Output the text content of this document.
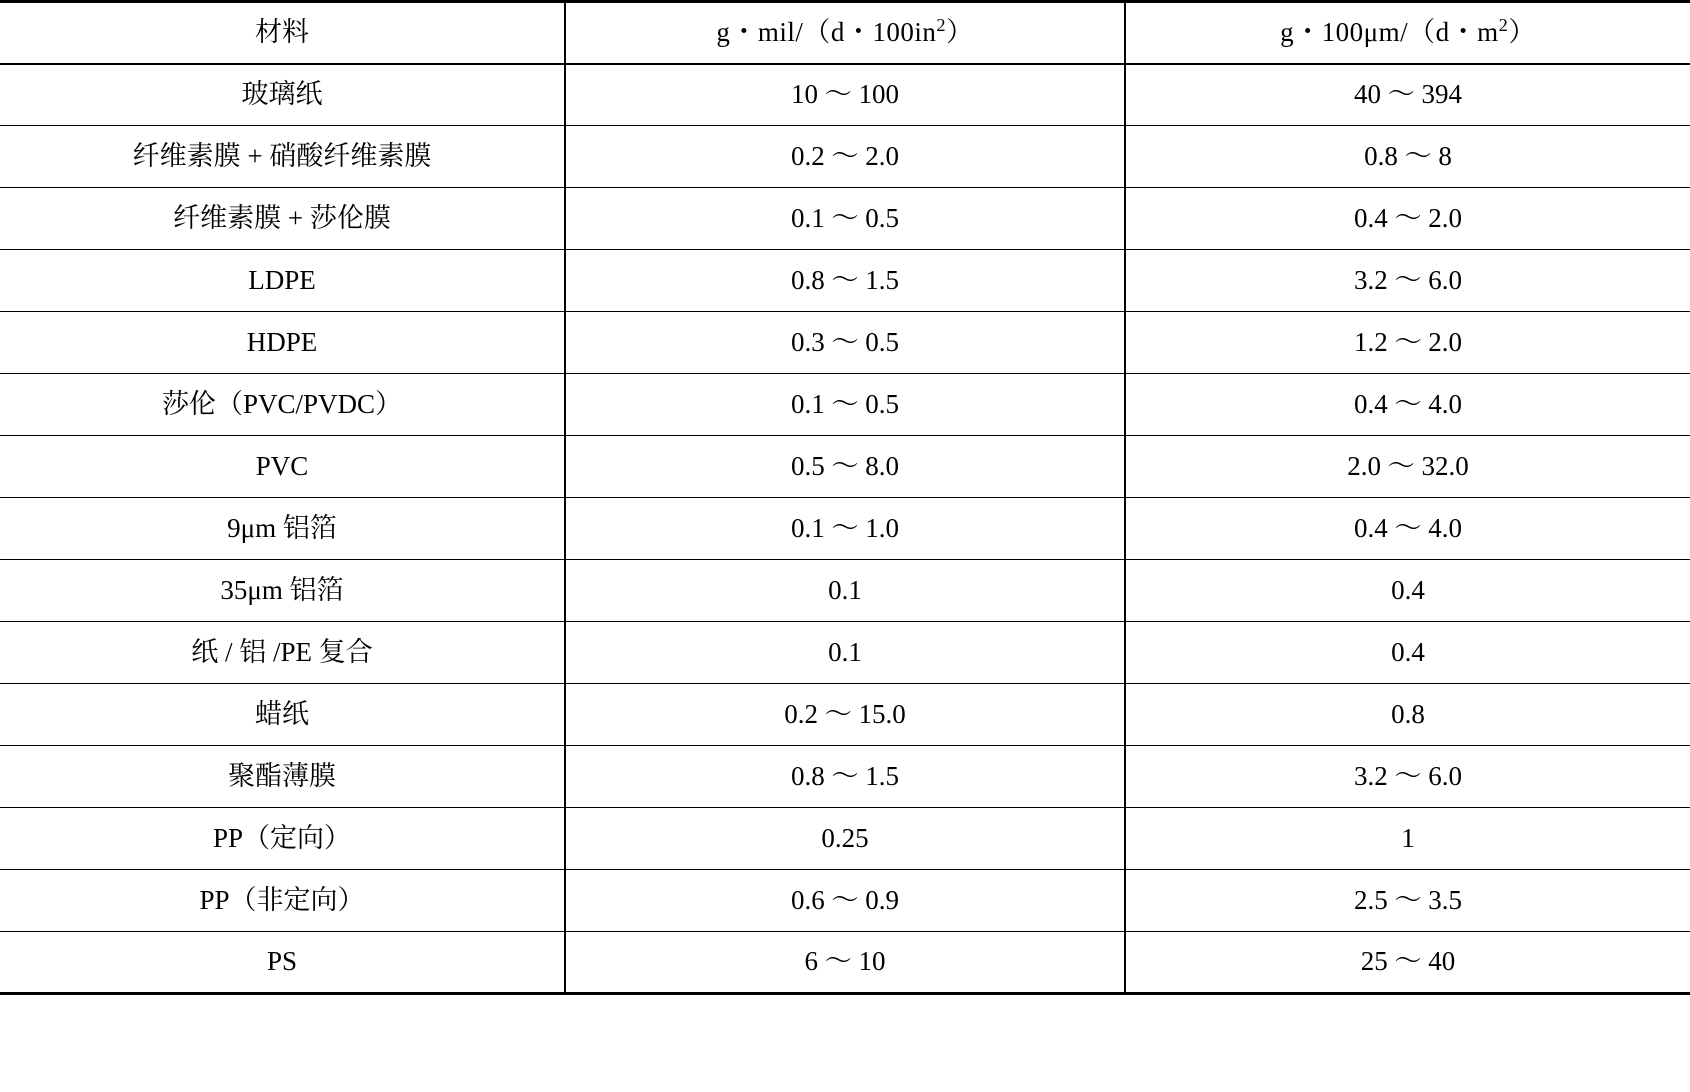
材料	g・mil/（d・$100in^2$）	g・100μm/（d・$m^2$）
玻璃纸	10 ～ 100	40 ～ 394
纤维素膜 + 硝酸纤维素膜	0.2 ～ 2.0	0.8 ～ 8
纤维素膜 + 莎伦膜	0.1 ～ 0.5	0.4 ～ 2.0
LDPE	0.8 ～ 1.5	3.2 ～ 6.0
HDPE	0.3 ～ 0.5	1.2 ～ 2.0
莎伦（PVC/PVDC）	0.1 ～ 0.5	0.4 ～ 4.0
PVC	0.5 ～ 8.0	2.0 ～ 32.0
9μm 铝箔	0.1 ～ 1.0	0.4 ～ 4.0
35μm 铝箔	0.1	0.4
纸 / 铝 /PE 复合	0.1	0.4
蜡纸	0.2 ～ 15.0	0.8
聚酯薄膜	0.8 ～ 1.5	3.2 ～ 6.0
PP（定向）	0.25	1
PP（非定向）	0.6 ～ 0.9	2.5 ～ 3.5
PS	6 ～ 10	25 ～ 40
